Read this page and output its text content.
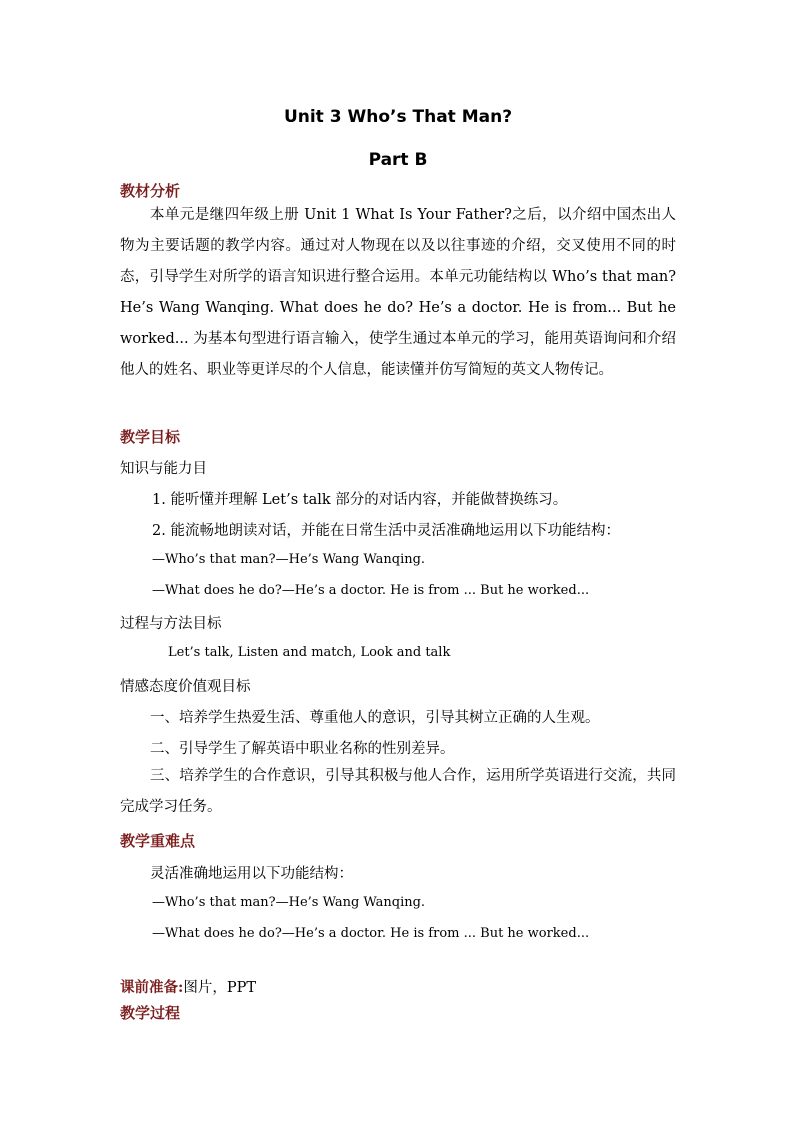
Unit 3 Who’s That Man?
Part B
教材分析
本单元是继四年级上册 Unit 1 What Is Your Father?之后，以介绍中国杰出人物为主要话题的教学内容。通过对人物现在以及以往事迹的介绍，交叉使用不同的时态，引导学生对所学的语言知识进行整合运用。本单元功能结构以 Who’s that man? He’s Wang Wanqing. What does he do? He’s a doctor. He is from... But he worked... 为基本句型进行语言输入，使学生通过本单元的学习，能用英语询问和介绍他人的姓名、职业等更详尽的个人信息，能读懂并仿写简短的英文人物传记。
教学目标
知识与能力目
1. 能听懂并理解 Let’s talk 部分的对话内容，并能做替换练习。
2. 能流畅地朗读对话，并能在日常生活中灵活准确地运用以下功能结构：
—Who’s that man?—He’s Wang Wanqing.
—What does he do?—He’s a doctor. He is from ... But he worked...
过程与方法目标
Let’s talk, Listen and match, Look and talk
情感态度价值观目标
一、培养学生热爱生活、尊重他人的意识，引导其树立正确的人生观。
二、引导学生了解英语中职业名称的性别差异。
三、培养学生的合作意识，引导其积极与他人合作，运用所学英语进行交流，共同完成学习任务。
教学重难点
灵活准确地运用以下功能结构：
—Who’s that man?—He’s Wang Wanqing.
—What does he do?—He’s a doctor. He is from ... But he worked...
课前准备:图片，PPT
教学过程
